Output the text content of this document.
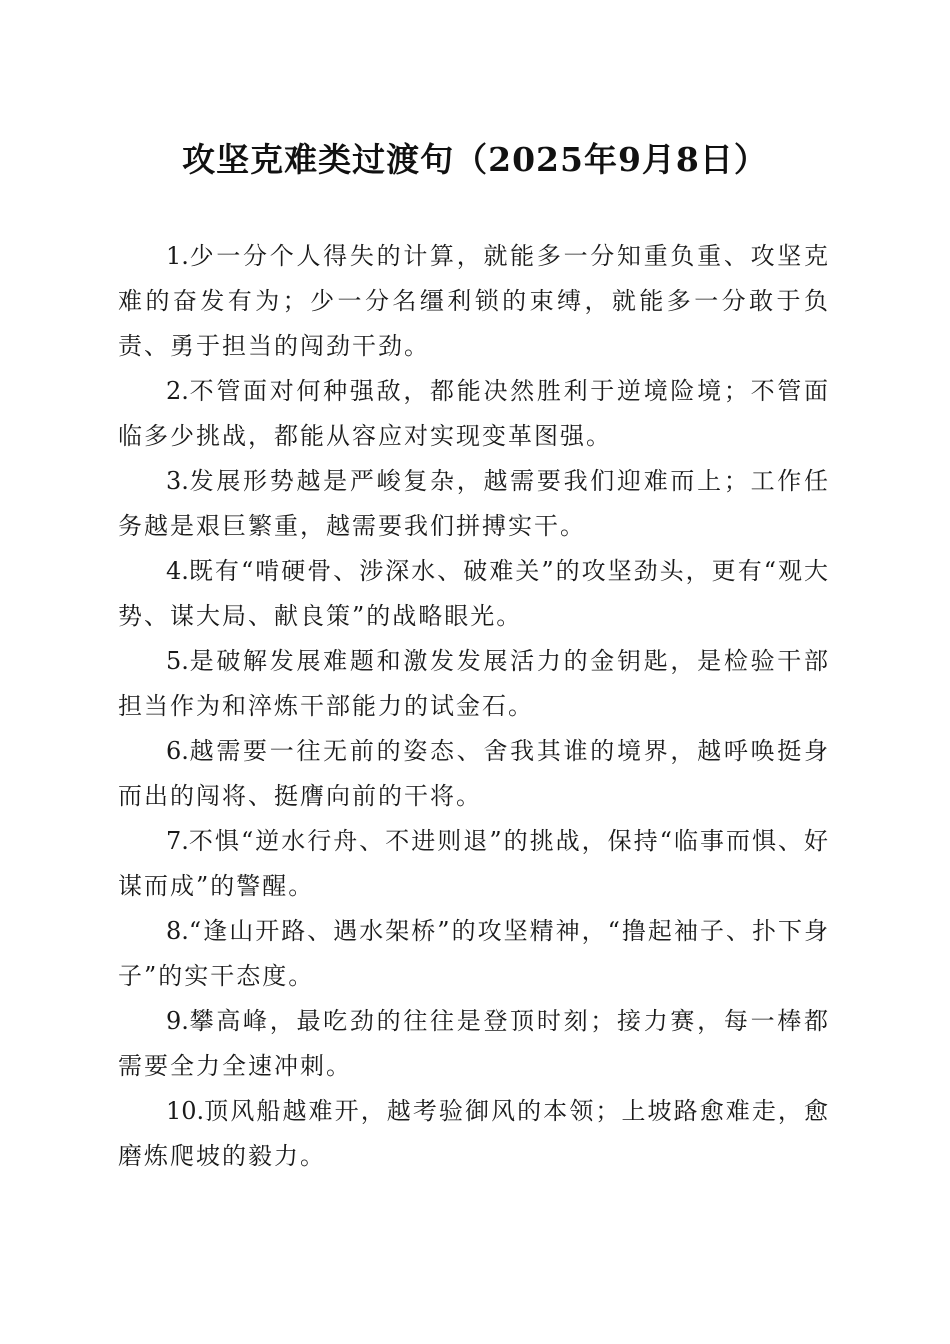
攻坚克难类过渡句（2025年9月8日）

1.少一分个人得失的计算，就能多一分知重负重、攻坚克难的奋发有为；少一分名缰利锁的束缚，就能多一分敢于负责、勇于担当的闯劲干劲。

2.不管面对何种强敌，都能决然胜利于逆境险境；不管面临多少挑战，都能从容应对实现变革图强。

3.发展形势越是严峻复杂，越需要我们迎难而上；工作任务越是艰巨繁重，越需要我们拼搏实干。

4.既有“啃硬骨、涉深水、破难关”的攻坚劲头，更有“观大势、谋大局、献良策”的战略眼光。

5.是破解发展难题和激发发展活力的金钥匙，是检验干部担当作为和淬炼干部能力的试金石。

6.越需要一往无前的姿态、舍我其谁的境界，越呼唤挺身而出的闯将、挺膺向前的干将。

7.不惧“逆水行舟、不进则退”的挑战，保持“临事而惧、好谋而成”的警醒。

8.“逢山开路、遇水架桥”的攻坚精神，“撸起袖子、扑下身子”的实干态度。

9.攀高峰，最吃劲的往往是登顶时刻；接力赛，每一棒都需要全力全速冲刺。

10.顶风船越难开，越考验御风的本领；上坡路愈难走，愈磨炼爬坡的毅力。
